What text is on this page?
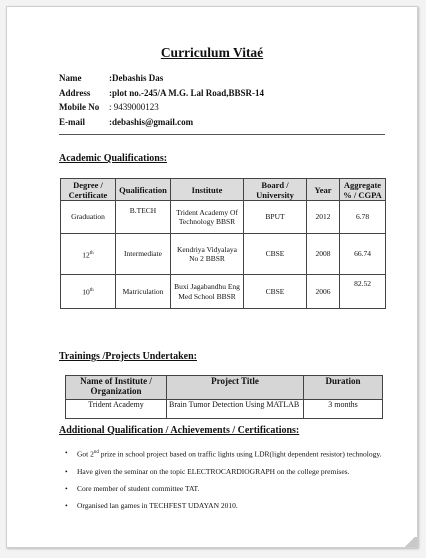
Curriculum Vitaé
Name	:Debashis Das
Address	:plot no.-245/A M.G. Lal Road,BBSR-14
Mobile No	: 9439000123
E-mail	:debashis@gmail.com
Academic Qualifications:
Degree / Certificate	Qualification	Institute	Board / University	Year	Aggregate % / CGPA
Graduation	B.TECH	Trident Academy Of Technology BBSR	BPUT	2012	6.78
12th	Intermediate	Kendriya Vidyalaya No 2 BBSR	CBSE	2008	66.74
10th	Matriculation	Buxi Jagabandhu Eng Med School BBSR	CBSE	2006	82.52
Trainings /Projects Undertaken:
Name of Institute / Organization	Project Title	Duration
Trident Academy	Brain Tumor Detection Using MATLAB	3 months
Additional Qualification / Achievements / Certifications:
•	Got 2nd prize in school project based on traffic lights using LDR(light dependent resistor) technology.
•	Have given the seminar on the topic ELECTROCARDIOGRAPH on the college premises.
•	Core member of student committee TAT.
•	Organised lan games in TECHFEST UDAYAN 2010.
